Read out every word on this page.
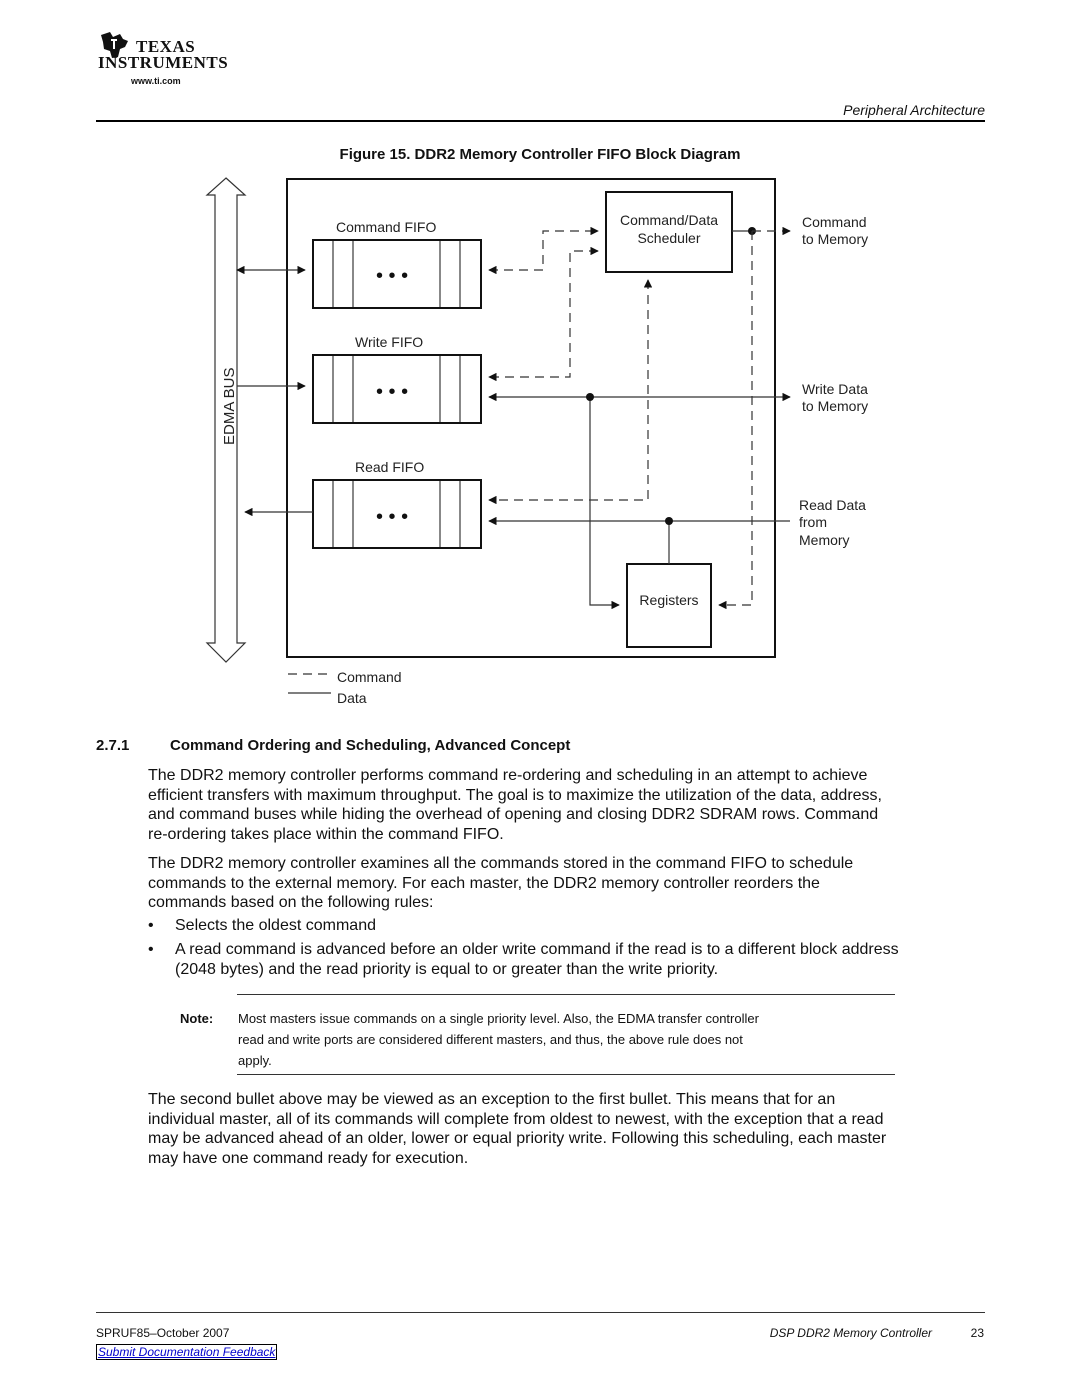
TEXAS
INSTRUMENTS
www.ti.com
Peripheral Architecture
Figure 15. DDR2 Memory Controller FIFO Block Diagram
EDMA BUS
Command FIFO
• • •
Write FIFO
• • •
Read FIFO
• • •
Command/Data
Scheduler
Registers
Command
to Memory
Write Data
to Memory
Read Data
from
Memory
Command
Data
2.7.1	Command Ordering and Scheduling, Advanced Concept
The DDR2 memory controller performs command re-ordering and scheduling in an attempt to achieve
efficient transfers with maximum throughput. The goal is to maximize the utilization of the data, address,
and command buses while hiding the overhead of opening and closing DDR2 SDRAM rows. Command
re-ordering takes place within the command FIFO.
The DDR2 memory controller examines all the commands stored in the command FIFO to schedule
commands to the external memory. For each master, the DDR2 memory controller reorders the
commands based on the following rules:
• Selects the oldest command
• A read command is advanced before an older write command if the read is to a different block address
(2048 bytes) and the read priority is equal to or greater than the write priority.
Note: Most masters issue commands on a single priority level. Also, the EDMA transfer controller
read and write ports are considered different masters, and thus, the above rule does not
apply.
The second bullet above may be viewed as an exception to the first bullet. This means that for an
individual master, all of its commands will complete from oldest to newest, with the exception that a read
may be advanced ahead of an older, lower or equal priority write. Following this scheduling, each master
may have one command ready for execution.
SPRUF85–October 2007	DSP DDR2 Memory Controller	23
Submit Documentation Feedback
